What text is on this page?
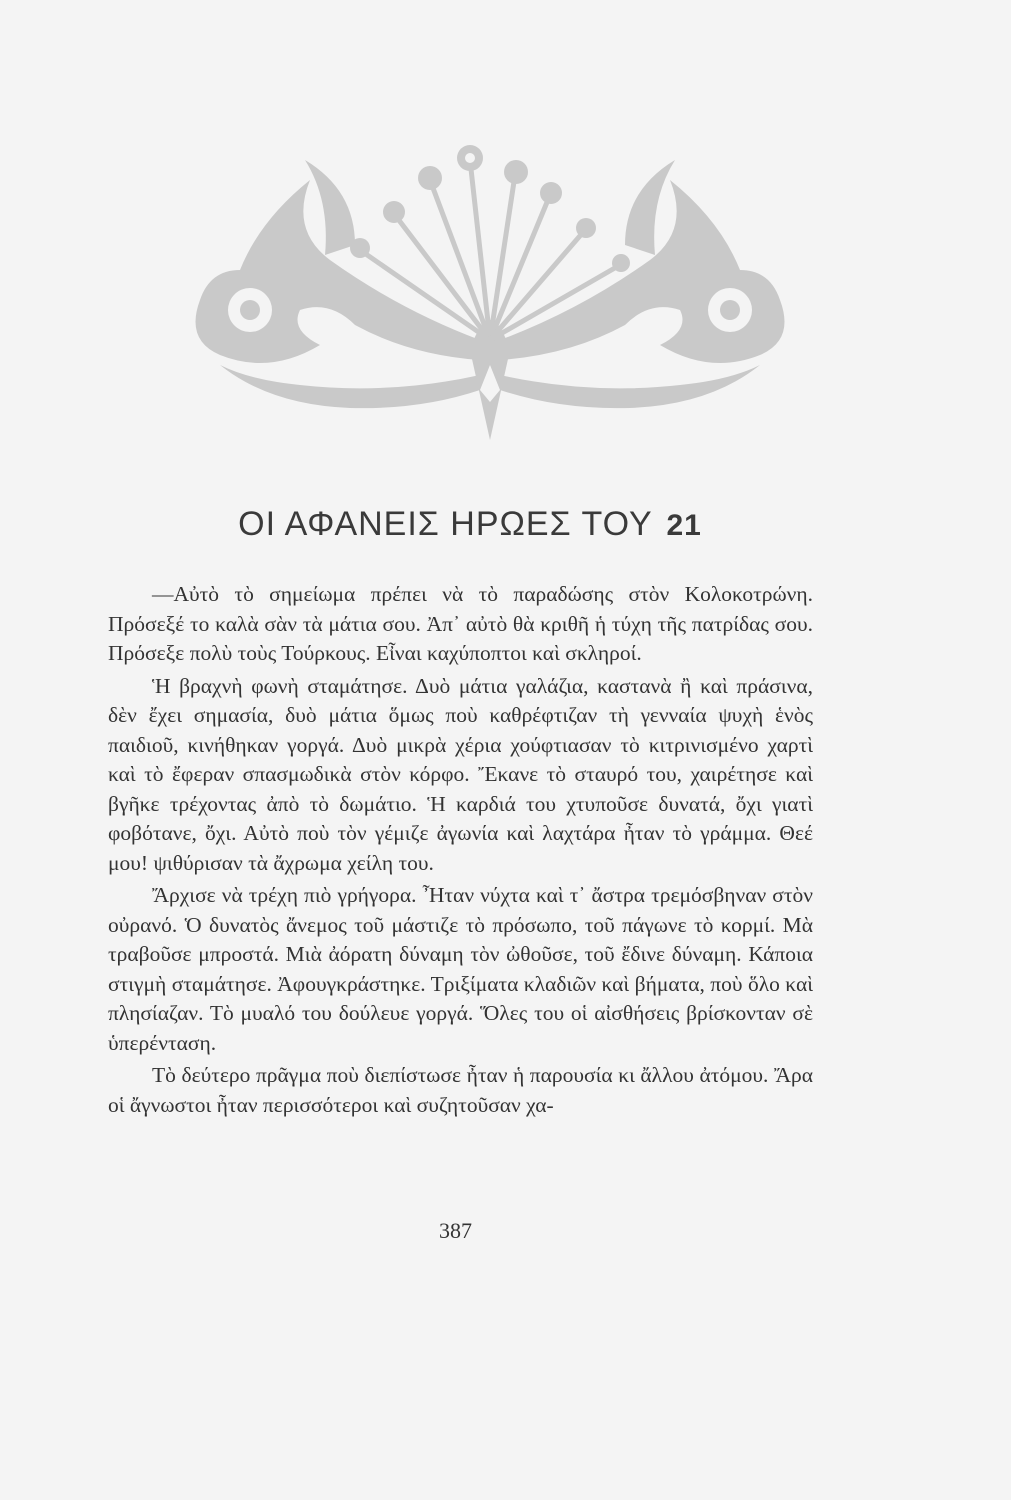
ΟΙ ΑΦΑΝΕΙΣ ΗΡΩΕΣ ΤΟΥ 21

—Αὐτὸ τὸ σημείωμα πρέπει νὰ τὸ παραδώσης στὸν Κολοκοτρώνη. Πρόσεξέ το καλὰ σὰν τὰ μάτια σου. Ἀπ᾽ αὐτὸ θὰ κριθῆ ἡ τύχη τῆς πατρίδας σου. Πρόσεξε πολὺ τοὺς Τούρκους. Εἶναι καχύποπτοι καὶ σκληροί.

Ἡ βραχνὴ φωνὴ σταμάτησε. Δυὸ μάτια γαλάζια, καστανὰ ἢ καὶ πράσινα, δὲν ἔχει σημασία, δυὸ μάτια ὅμως ποὺ καθρέφτιζαν τὴ γενναία ψυχὴ ἑνὸς παιδιοῦ, κινήθηκαν γοργά. Δυὸ μικρὰ χέρια χούφτιασαν τὸ κιτρινισμένο χαρτὶ καὶ τὸ ἔφεραν σπασμωδικὰ στὸν κόρφο. Ἔκανε τὸ σταυρό του, χαιρέτησε καὶ βγῆκε τρέχοντας ἀπὸ τὸ δωμάτιο. Ἡ καρδιά του χτυποῦσε δυνατά, ὄχι γιατὶ φοβότανε, ὄχι. Αὐτὸ ποὺ τὸν γέμιζε ἀγωνία καὶ λαχτάρα ἦταν τὸ γράμμα. Θεέ μου! ψιθύρισαν τὰ ἄχρωμα χείλη του.

Ἄρχισε νὰ τρέχη πιὸ γρήγορα. Ἦταν νύχτα καὶ τ᾽ ἄστρα τρεμόσβηναν στὸν οὐρανό. Ὁ δυνατὸς ἄνεμος τοῦ μάστιζε τὸ πρόσωπο, τοῦ πάγωνε τὸ κορμί. Μὰ τραβοῦσε μπροστά. Μιὰ ἀόρατη δύναμη τὸν ὠθοῦσε, τοῦ ἔδινε δύναμη. Κάποια στιγμὴ σταμάτησε. Ἀφουγκράστηκε. Τριξίματα κλαδιῶν καὶ βήματα, ποὺ ὅλο καὶ πλησίαζαν. Τὸ μυαλό του δούλευε γοργά. Ὅλες του οἱ αἰσθήσεις βρίσκονταν σὲ ὑπερένταση.

Τὸ δεύτερο πρᾶγμα ποὺ διεπίστωσε ἦταν ἡ παρουσία κι ἄλλου ἀτόμου. Ἄρα οἱ ἄγνωστοι ἦταν περισσότεροι καὶ συζητοῦσαν χα-

387
